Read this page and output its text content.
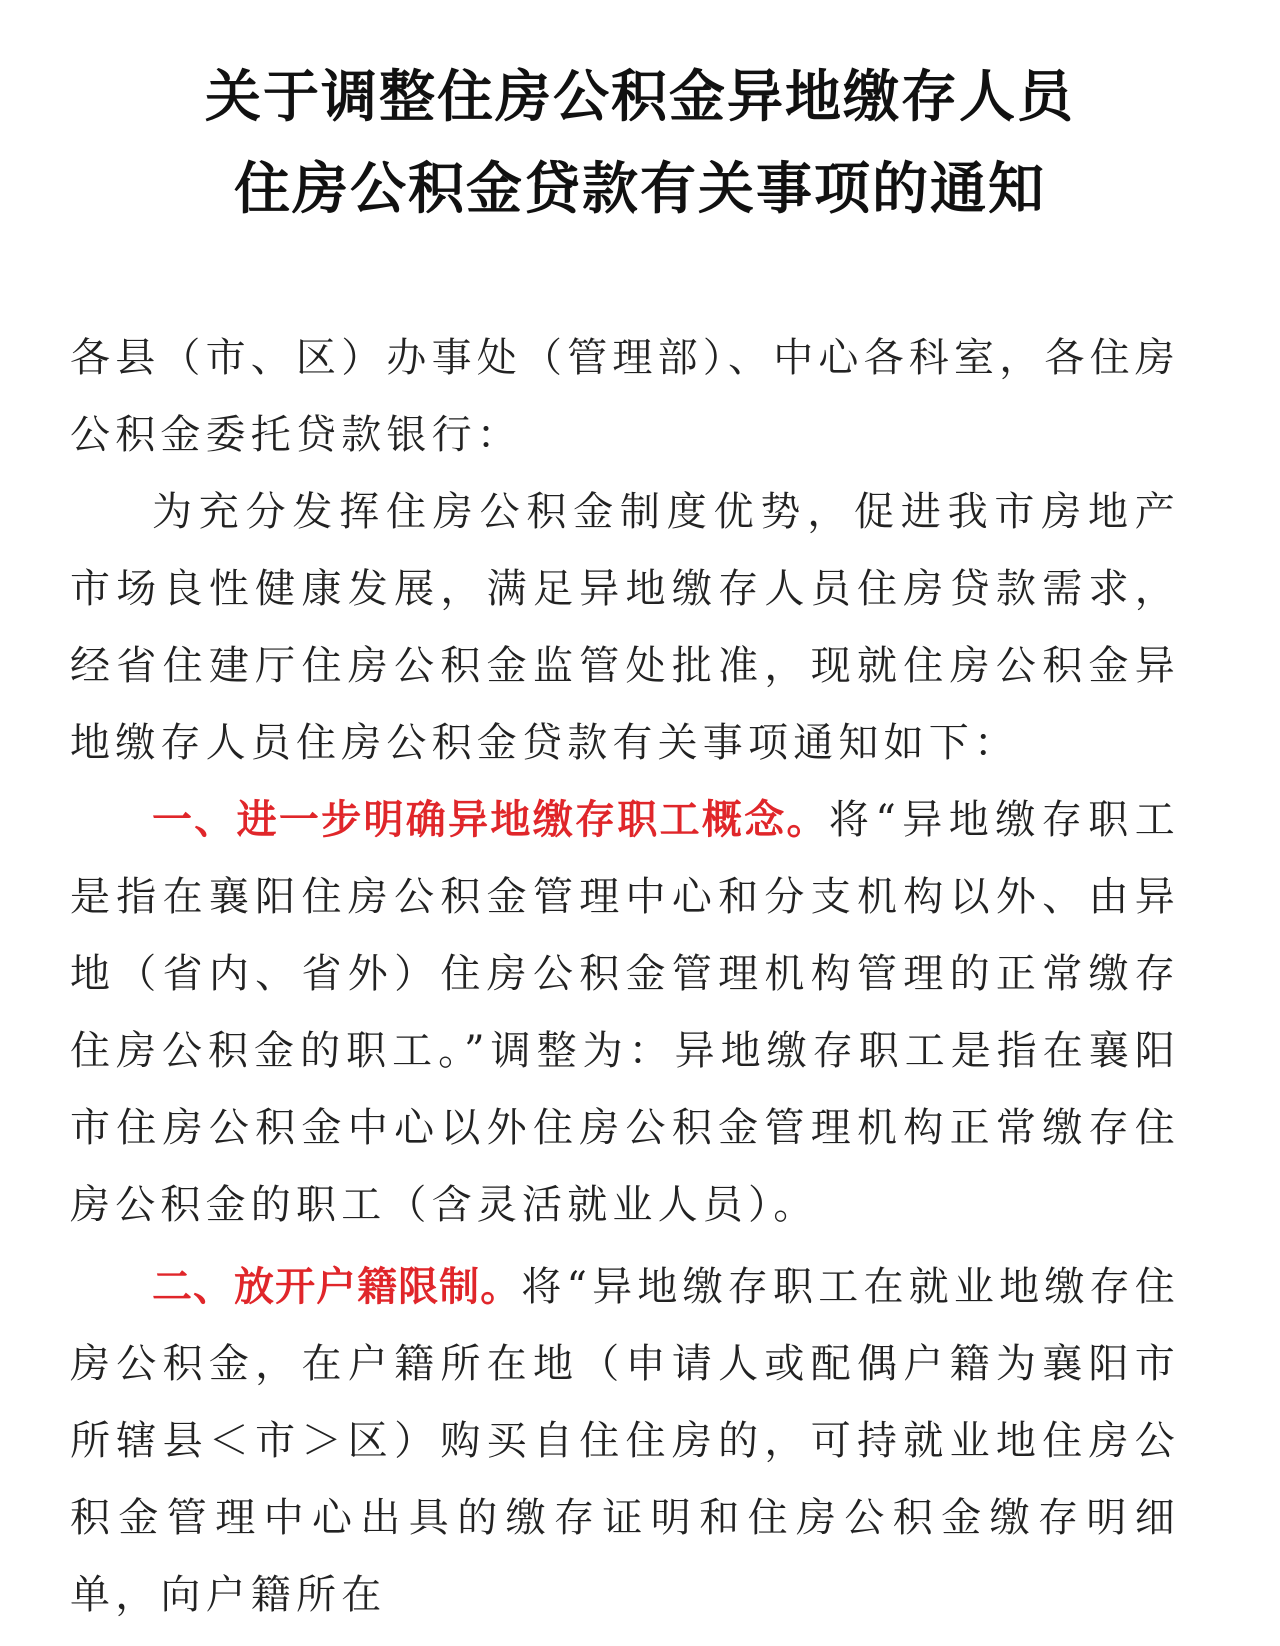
关于调整住房公积金异地缴存人员
住房公积金贷款有关事项的通知

各县（市、区）办事处（管理部）、中心各科室，各住房公积金委托贷款银行：

为充分发挥住房公积金制度优势，促进我市房地产市场良性健康发展，满足异地缴存人员住房贷款需求，经省住建厅住房公积金监管处批准，现就住房公积金异地缴存人员住房公积金贷款有关事项通知如下：

一、进一步明确异地缴存职工概念。将“异地缴存职工是指在襄阳住房公积金管理中心和分支机构以外、由异地（省内、省外）住房公积金管理机构管理的正常缴存住房公积金的职工。”调整为：异地缴存职工是指在襄阳市住房公积金中心以外住房公积金管理机构正常缴存住房公积金的职工（含灵活就业人员）。

二、放开户籍限制。将“异地缴存职工在就业地缴存住房公积金，在户籍所在地（申请人或配偶户籍为襄阳市所辖县＜市＞区）购买自住住房的，可持就业地住房公积金管理中心出具的缴存证明和住房公积金缴存明细单，向户籍所在
